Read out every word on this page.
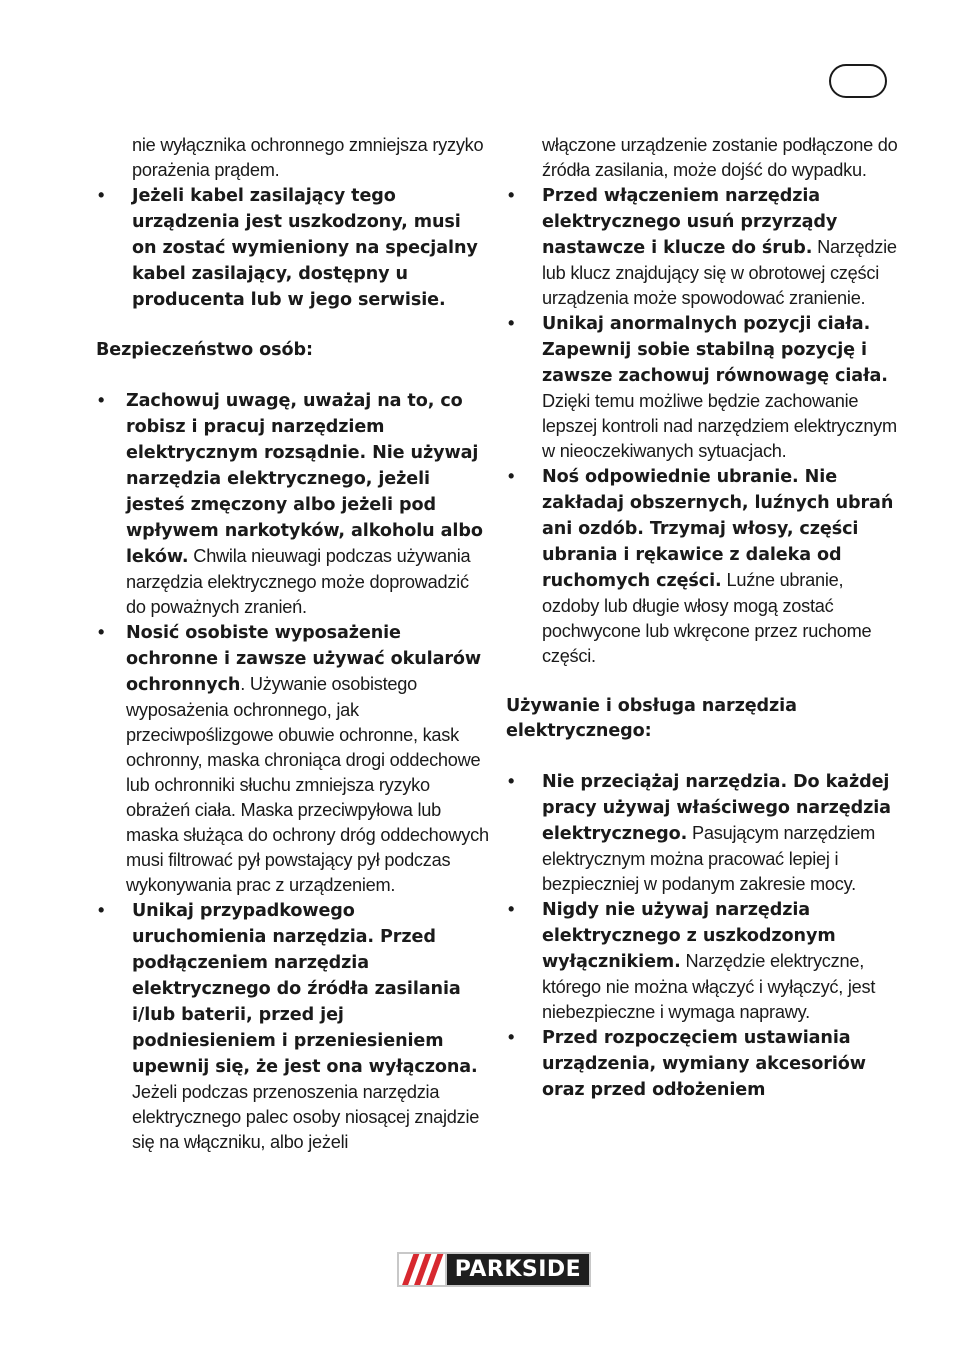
nie wyłącznika ochronnego zmniejsza ryzyko porażenia prądem.

• Jeżeli kabel zasilający tego urządzenia jest uszkodzony, musi on zostać wymieniony na specjalny kabel zasilający, dostępny u producenta lub w jego serwisie.

Bezpieczeństwo osób:

• Zachowuj uwagę, uważaj na to, co robisz i pracuj narzędziem elektrycznym rozsądnie. Nie używaj narzędzia elektrycznego, jeżeli jesteś zmęczony albo jeżeli pod wpływem narkotyków, alkoholu albo leków. Chwila nieuwagi podczas używania narzędzia elektrycznego może doprowadzić do poważnych zranień.
• Nosić osobiste wyposażenie ochronne i zawsze używać okularów ochronnych. Używanie osobistego wyposażenia ochronnego, jak przeciwpoślizgowe obuwie ochronne, kask ochronny, maska chroniąca drogi oddechowe lub ochronniki słuchu zmniejsza ryzyko obrażeń ciała. Maska przeciwpyłowa lub maska służąca do ochrony dróg oddechowych musi filtrować pył powstający pył podczas wykonywania prac z urządzeniem.
• Unikaj przypadkowego uruchomienia narzędzia. Przed podłączeniem narzędzia elektrycznego do źródła zasilania i/lub baterii, przed jej podniesieniem i przeniesieniem upewnij się, że jest ona wyłączona. Jeżeli podczas przenoszenia narzędzia elektrycznego palec osoby niosącej znajdzie się na włączniku, albo jeżeli

włączone urządzenie zostanie podłączone do źródła zasilania, może dojść do wypadku.

• Przed włączeniem narzędzia elektrycznego usuń przyrządy nastawcze i klucze do śrub. Narzędzie lub klucz znajdujący się w obrotowej części urządzenia może spowodować zranienie.
• Unikaj anormalnych pozycji ciała. Zapewnij sobie stabilną pozycję i zawsze zachowuj równowagę ciała. Dzięki temu możliwe będzie zachowanie lepszej kontroli nad narzędziem elektrycznym w nieoczekiwanych sytuacjach.
• Noś odpowiednie ubranie. Nie zakładaj obszernych, luźnych ubrań ani ozdób. Trzymaj włosy, części ubrania i rękawice z daleka od ruchomych części. Luźne ubranie, ozdoby lub długie włosy mogą zostać pochwycone lub wkręcone przez ruchome części.

Używanie i obsługa narzędzia elektrycznego:

• Nie przeciążaj narzędzia. Do każdej pracy używaj właściwego narzędzia elektrycznego. Pasującym narzędziem elektrycznym można pracować lepiej i bezpieczniej w podanym zakresie mocy.
• Nigdy nie używaj narzędzia elektrycznego z uszkodzonym wyłącznikiem. Narzędzie elektryczne, którego nie można włączyć i wyłączyć, jest niebezpieczne i wymaga naprawy.
• Przed rozpoczęciem ustawiania urządzenia, wymiany akcesoriów oraz przed odłożeniem
PARKSIDE
